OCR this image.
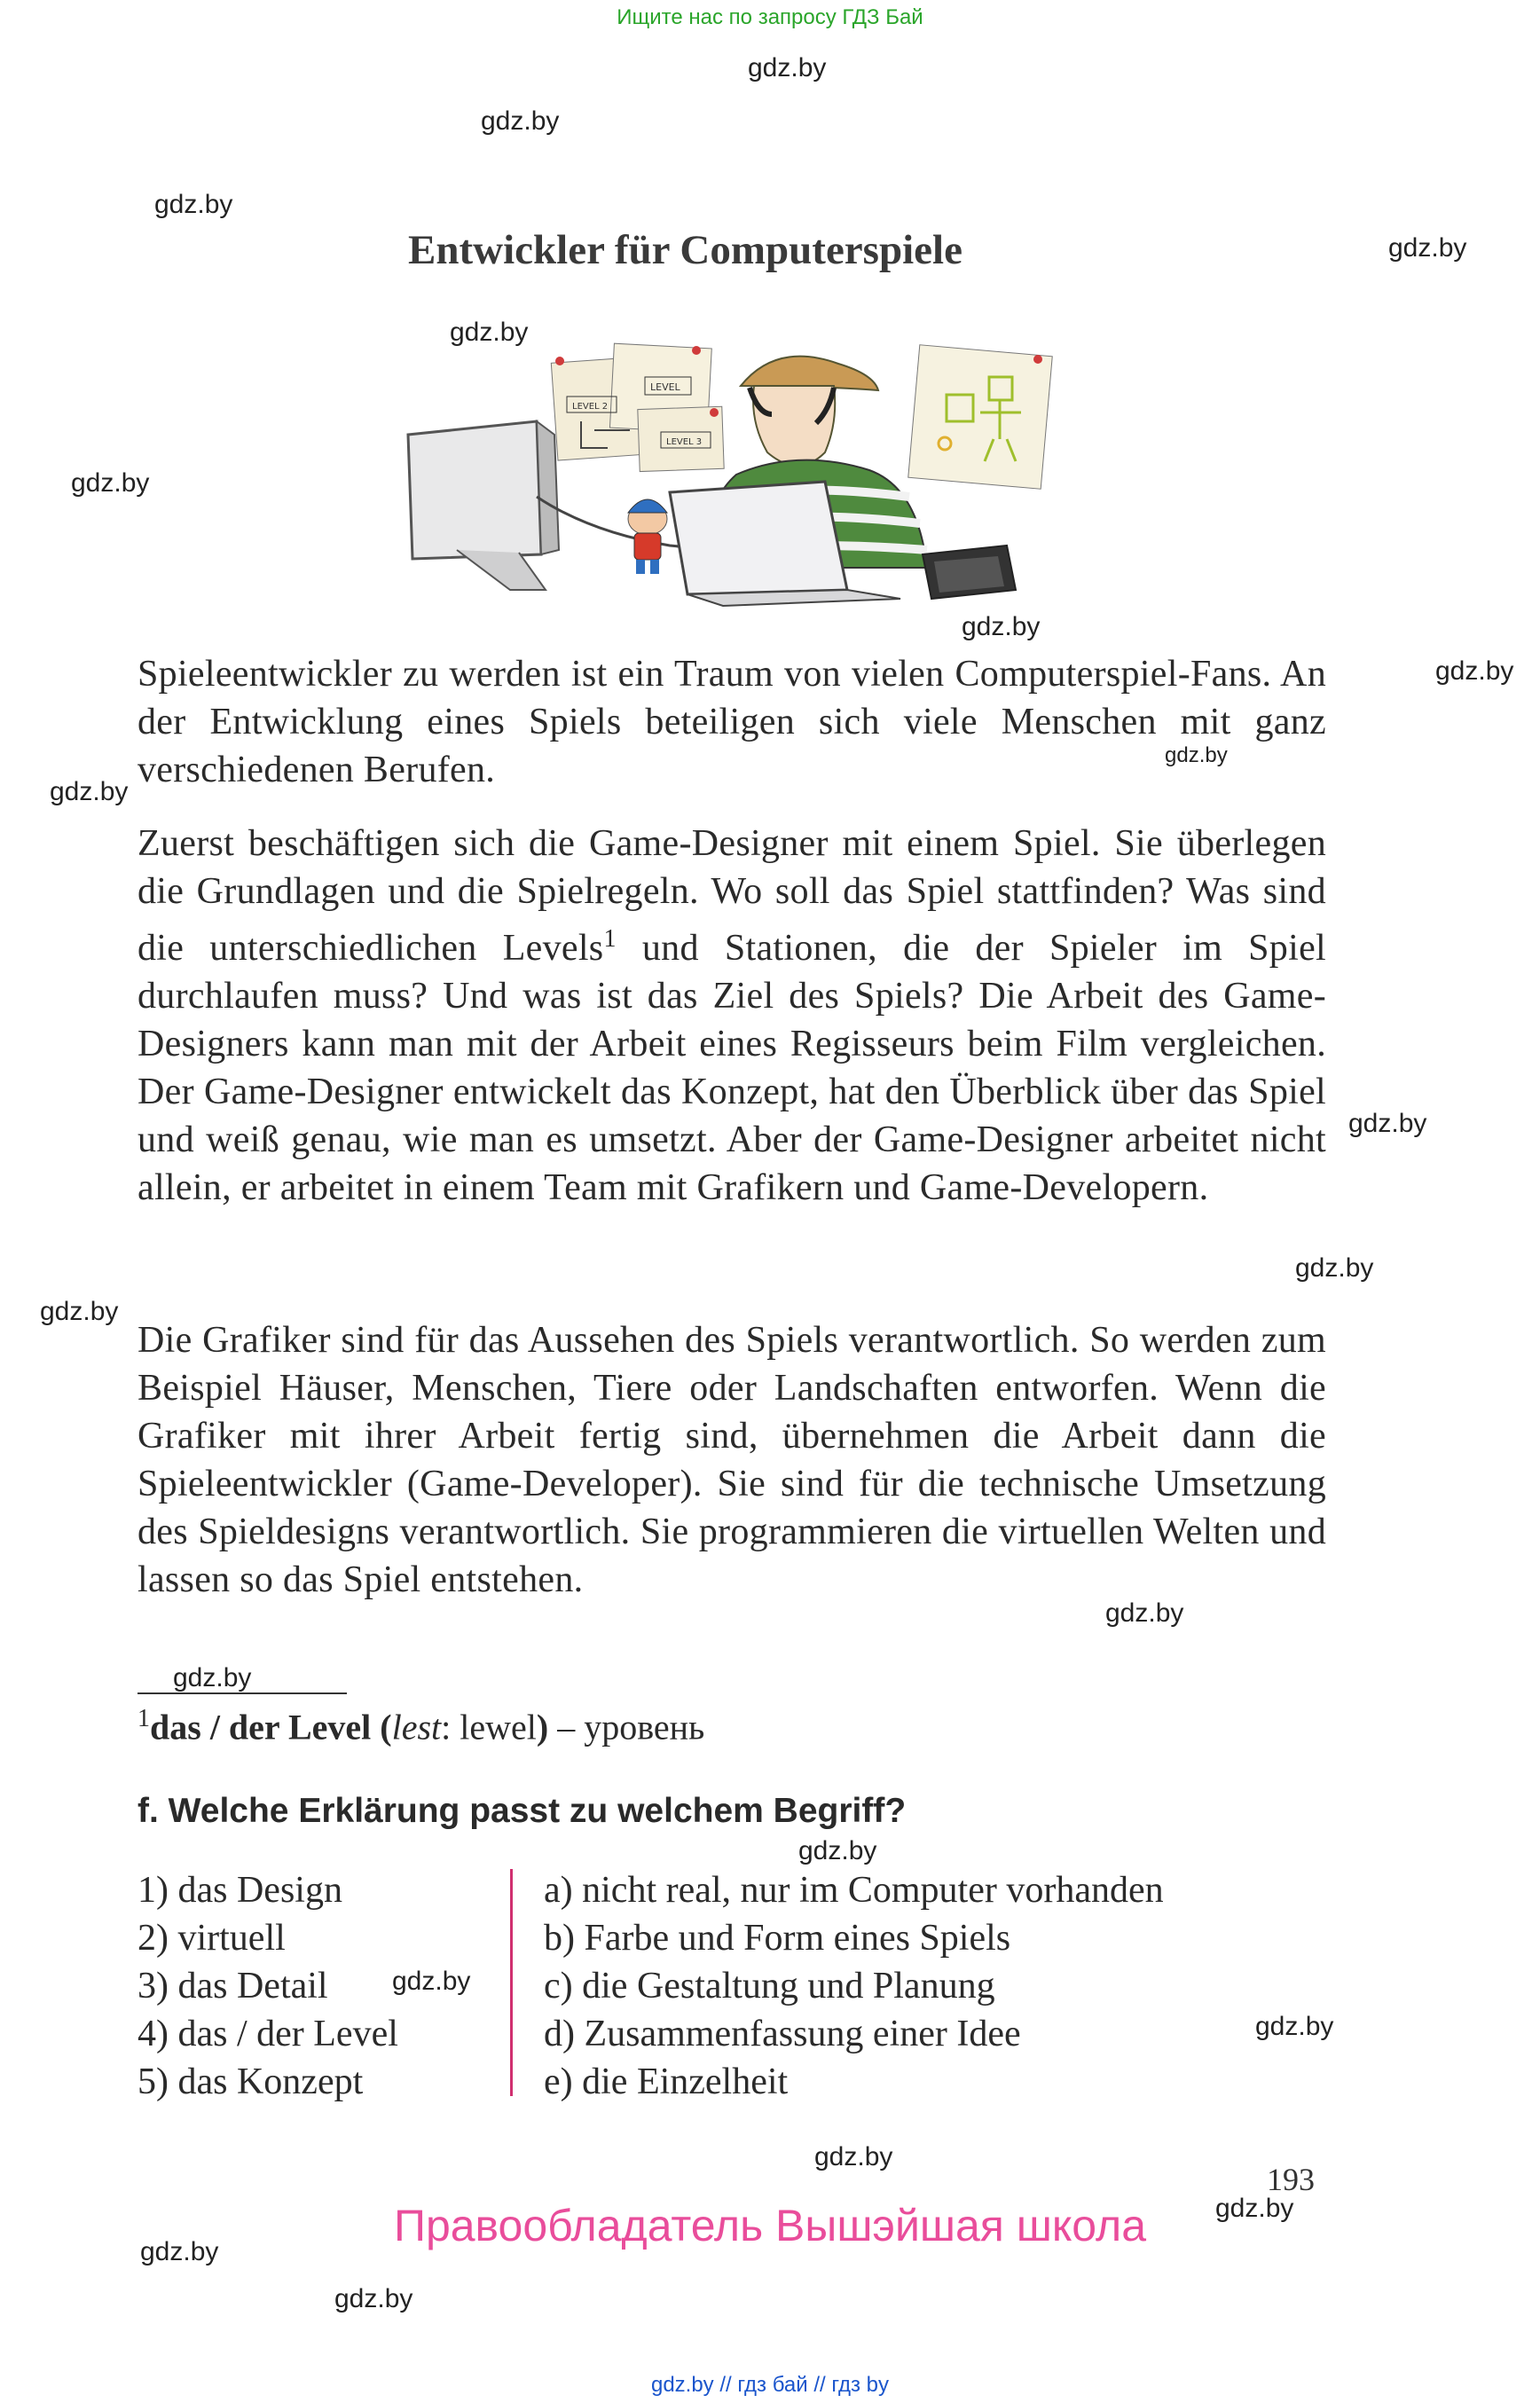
Ищите нас по запросу ГДЗ Бай
gdz.by
gdz.by
gdz.by
gdz.by
gdz.by
gdz.by
gdz.by
gdz.by
gdz.by
gdz.by
gdz.by
gdz.by
gdz.by
gdz.by
gdz.by
gdz.by
gdz.by
gdz.by
gdz.by
gdz.by
gdz.by
gdz.by
Entwickler für Computerspiele
LEVEL 2
LEVEL
LEVEL 3

Spieleentwickler zu werden ist ein Traum von vielen Computerspiel-Fans. An der Entwicklung eines Spiels beteiligen sich viele Menschen mit ganz verschiedenen Berufen.

Zuerst beschäftigen sich die Game-Designer mit einem Spiel. Sie überlegen die Grundlagen und die Spielregeln. Wo soll das Spiel stattfinden? Was sind die unterschiedlichen Levels$^1$ und Stationen, die der Spieler im Spiel durchlaufen muss? Und was ist das Ziel des Spiels? Die Arbeit des Game-Designers kann man mit der Arbeit eines Regisseurs beim Film vergleichen. Der Game-Designer entwickelt das Konzept, hat den Überblick über das Spiel und weiß genau, wie man es umsetzt. Aber der Game-Designer arbeitet nicht allein, er arbeitet in einem Team mit Grafikern und Game-Developern.

Die Grafiker sind für das Aussehen des Spiels verantwortlich. So werden zum Beispiel Häuser, Menschen, Tiere oder Landschaften entworfen. Wenn die Grafiker mit ihrer Arbeit fertig sind, übernehmen die Arbeit dann die Spieleentwickler (Game-Developer). Sie sind für die technische Umsetzung des Spieldesigns verantwortlich. Sie programmieren die virtuellen Welten und lassen so das Spiel entstehen.

$^1$das / der Level (lest: lewel) – уровень
f. Welche Erklärung passt zu welchem Begriff?
1) das Design
2) virtuell
3) das Detail
4) das / der Level
5) das Konzept
a) nicht real, nur im Computer vorhanden
b) Farbe und Form eines Spiels
c) die Gestaltung und Planung
d) Zusammenfassung einer Idee
e) die Einzelheit
193
Правообладатель Вышэйшая школа
gdz.by // гдз бай // гдз by
